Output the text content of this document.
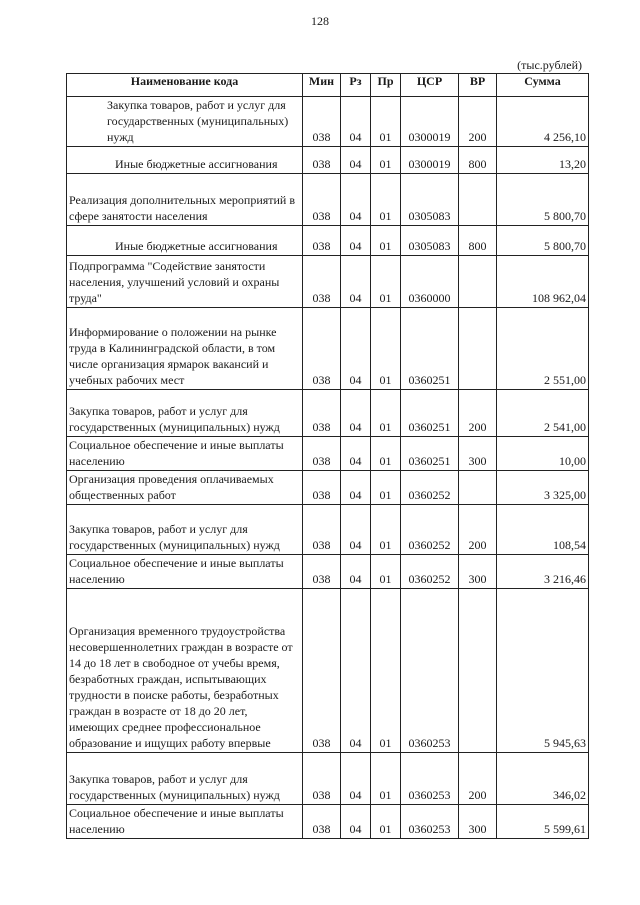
128
(тыс.рублей)
Наименование кода	Мин	Рз	Пр	ЦСР	ВР	Сумма
Закупка товаров, работ и услуг для государственных (муниципальных) нужд	038	04	01	0300019	200	4 256,10
Иные бюджетные ассигнования	038	04	01	0300019	800	13,20
Реализация дополнительных мероприятий в сфере занятости населения	038	04	01	0305083		5 800,70
Иные бюджетные ассигнования	038	04	01	0305083	800	5 800,70
Подпрограмма "Содействие занятости населения, улучшений условий и охраны труда"	038	04	01	0360000		108 962,04
Информирование о положении на рынке труда в Калининградской области, в том числе организация ярмарок вакансий и учебных рабочих мест	038	04	01	0360251		2 551,00
Закупка товаров, работ и услуг для государственных (муниципальных) нужд	038	04	01	0360251	200	2 541,00
Социальное обеспечение и иные выплаты населению	038	04	01	0360251	300	10,00
Организация проведения оплачиваемых общественных работ	038	04	01	0360252		3 325,00
Закупка товаров, работ и услуг для государственных (муниципальных) нужд	038	04	01	0360252	200	108,54
Социальное обеспечение и иные выплаты населению	038	04	01	0360252	300	3 216,46
Организация временного трудоустройства несовершеннолетних граждан в возрасте от 14 до 18 лет в свободное от учебы время, безработных граждан, испытывающих трудности в поиске работы, безработных граждан в возрасте от 18 до 20 лет, имеющих среднее профессиональное образование и ищущих работу впервые	038	04	01	0360253		5 945,63
Закупка товаров, работ и услуг для государственных (муниципальных) нужд	038	04	01	0360253	200	346,02
Социальное обеспечение и иные выплаты населению	038	04	01	0360253	300	5 599,61
